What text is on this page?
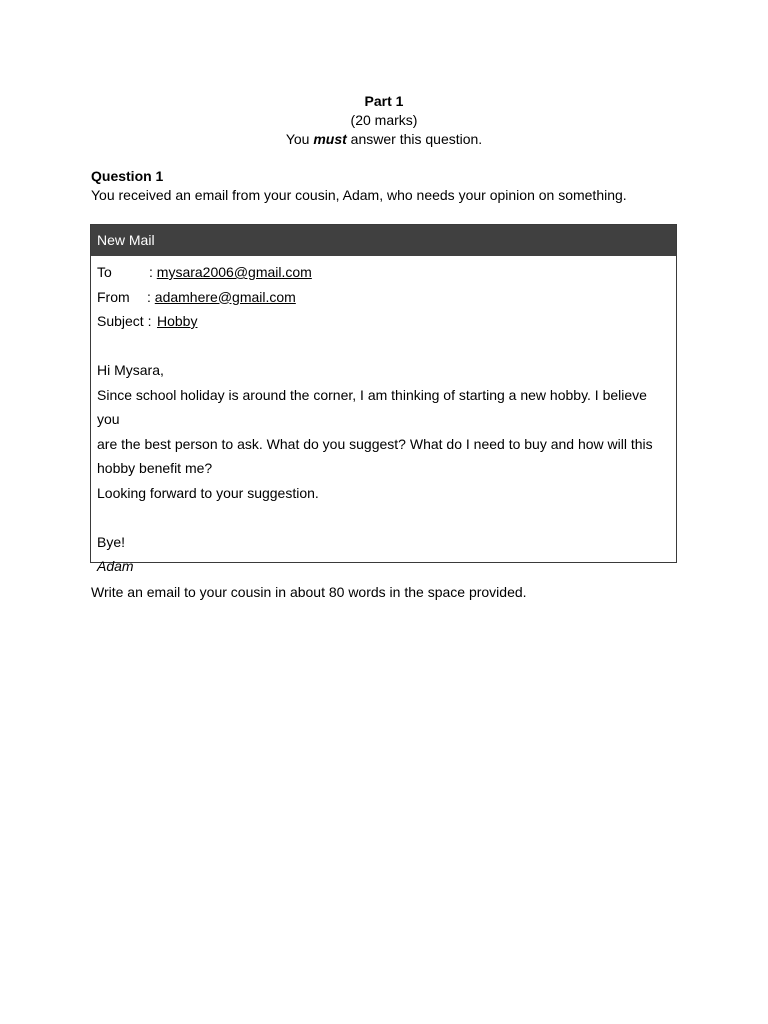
Part 1
(20 marks)
You must answer this question.
Question 1
You received an email from your cousin, Adam, who needs your opinion on something.
New Mail
To	: mysara2006@gmail.com
From : adamhere@gmail.com
Subject : Hobby
Hi Mysara,
Since school holiday is around the corner, I am thinking of starting a new hobby. I believe you
are the best person to ask. What do you suggest? What do I need to buy and how will this
hobby benefit me?
Looking forward to your suggestion.
Bye!
Adam
Write an email to your cousin in about 80 words in the space provided.
